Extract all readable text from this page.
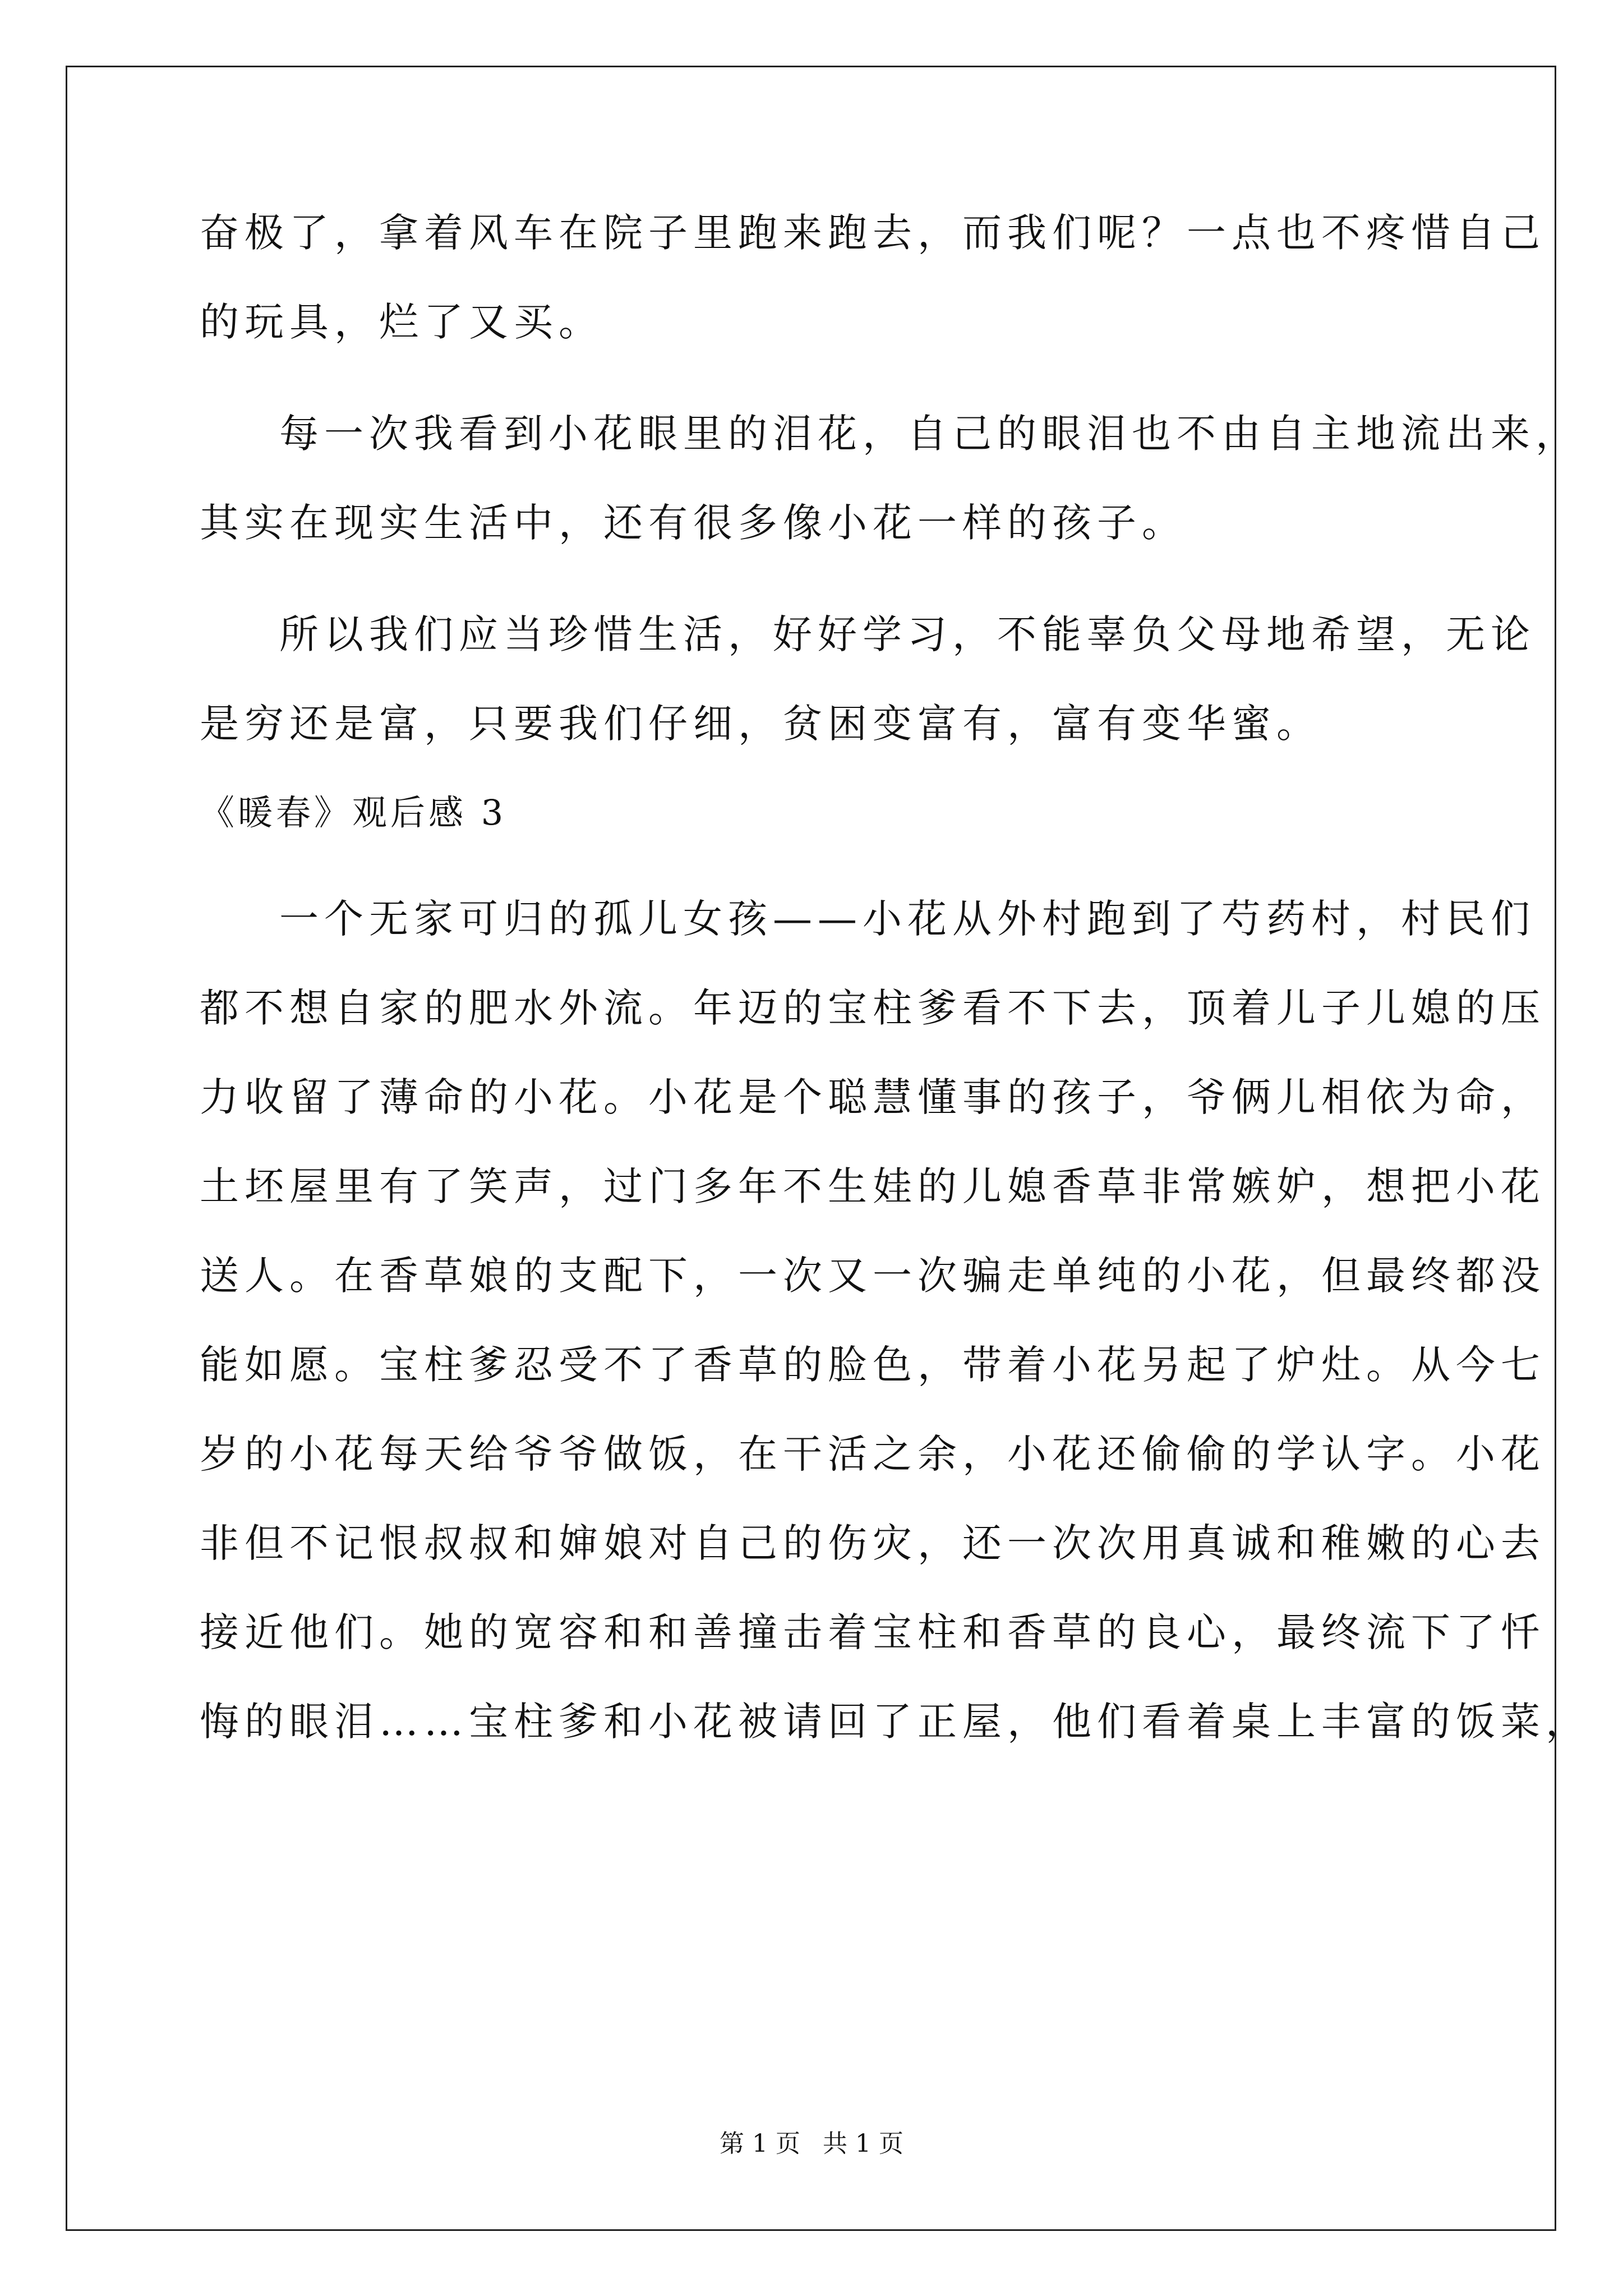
奋极了，拿着风车在院子里跑来跑去，而我们呢？一点也不疼惜自己
的玩具，烂了又买。
每一次我看到小花眼里的泪花，自己的眼泪也不由自主地流出来，
其实在现实生活中，还有很多像小花一样的孩子。
所以我们应当珍惜生活，好好学习，不能辜负父母地希望，无论
是穷还是富，只要我们仔细，贫困变富有，富有变华蜜。
《暖春》观后感 3
一个无家可归的孤儿女孩——小花从外村跑到了芍药村，村民们
都不想自家的肥水外流。年迈的宝柱爹看不下去，顶着儿子儿媳的压
力收留了薄命的小花。小花是个聪慧懂事的孩子，爷俩儿相依为命，
土坯屋里有了笑声，过门多年不生娃的儿媳香草非常嫉妒，想把小花
送人。在香草娘的支配下，一次又一次骗走单纯的小花，但最终都没
能如愿。宝柱爹忍受不了香草的脸色，带着小花另起了炉灶。从今七
岁的小花每天给爷爷做饭，在干活之余，小花还偷偷的学认字。小花
非但不记恨叔叔和婶娘对自己的伤灾，还一次次用真诚和稚嫩的心去
接近他们。她的宽容和和善撞击着宝柱和香草的良心，最终流下了忏
悔的眼泪……宝柱爹和小花被请回了正屋，他们看着桌上丰富的饭菜，
第 1 页 共 1 页
